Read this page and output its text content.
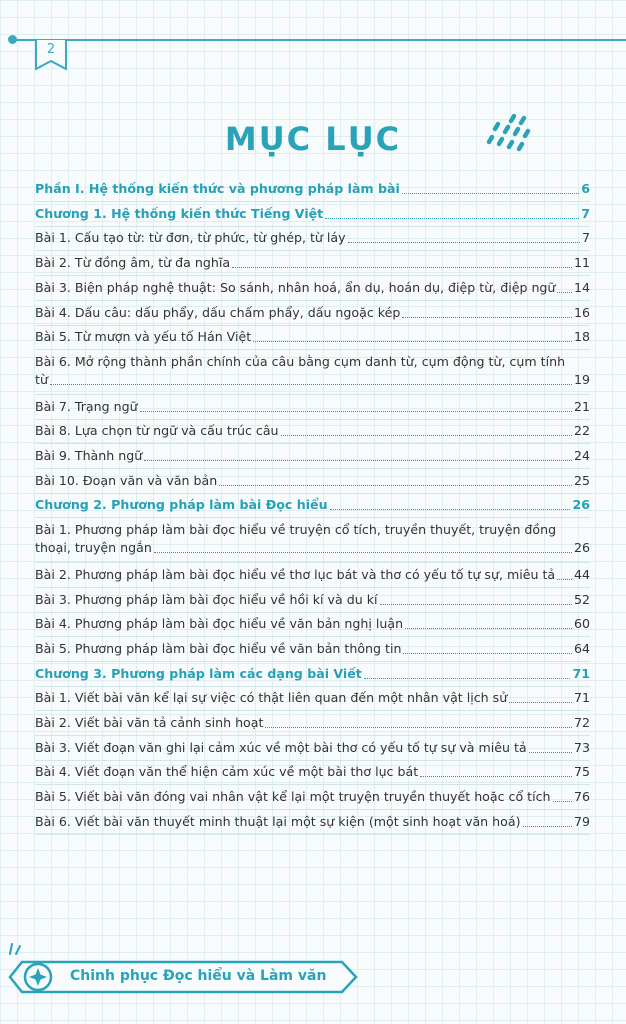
2
MỤC LỤC
Phần I. Hệ thống kiến thức và phương pháp làm bài	6
Chương 1. Hệ thống kiến thức Tiếng Việt	7
Bài 1. Cấu tạo từ: từ đơn, từ phức, từ ghép, từ láy	7
Bài 2. Từ đồng âm, từ đa nghĩa	11
Bài 3. Biện pháp nghệ thuật: So sánh, nhân hoá, ẩn dụ, hoán dụ, điệp từ, điệp ngữ 14
Bài 4. Dấu câu: dấu phẩy, dấu chấm phẩy, dấu ngoặc kép	16
Bài 5. Từ mượn và yếu tố Hán Việt	18
Bài 6. Mở rộng thành phần chính của câu bằng cụm danh từ, cụm động từ, cụm tính
từ	19
Bài 7. Trạng ngữ	21
Bài 8. Lựa chọn từ ngữ và cấu trúc câu	22
Bài 9. Thành ngữ	24
Bài 10. Đoạn văn và văn bản	25
Chương 2. Phương pháp làm bài Đọc hiểu	26
Bài 1. Phương pháp làm bài đọc hiểu về truyện cổ tích, truyền thuyết, truyện đồng
thoại, truyện ngắn	26
Bài 2. Phương pháp làm bài đọc hiểu về thơ lục bát và thơ có yếu tố tự sự, miêu tả 44
Bài 3. Phương pháp làm bài đọc hiểu về hồi kí và du kí	52
Bài 4. Phương pháp làm bài đọc hiểu về văn bản nghị luận	60
Bài 5. Phương pháp làm bài đọc hiểu về văn bản thông tin	64
Chương 3. Phương pháp làm các dạng bài Viết	71
Bài 1. Viết bài văn kể lại sự việc có thật liên quan đến một nhân vật lịch sử	71
Bài 2. Viết bài văn tả cảnh sinh hoạt	72
Bài 3. Viết đoạn văn ghi lại cảm xúc về một bài thơ có yếu tố tự sự và miêu tả	73
Bài 4. Viết đoạn văn thể hiện cảm xúc về một bài thơ lục bát	75
Bài 5. Viết bài văn đóng vai nhân vật kể lại một truyện truyền thuyết hoặc cổ tích 76
Bài 6. Viết bài văn thuyết minh thuật lại một sự kiện (một sinh hoạt văn hoá)	79
Chinh phục Đọc hiểu và Làm văn
